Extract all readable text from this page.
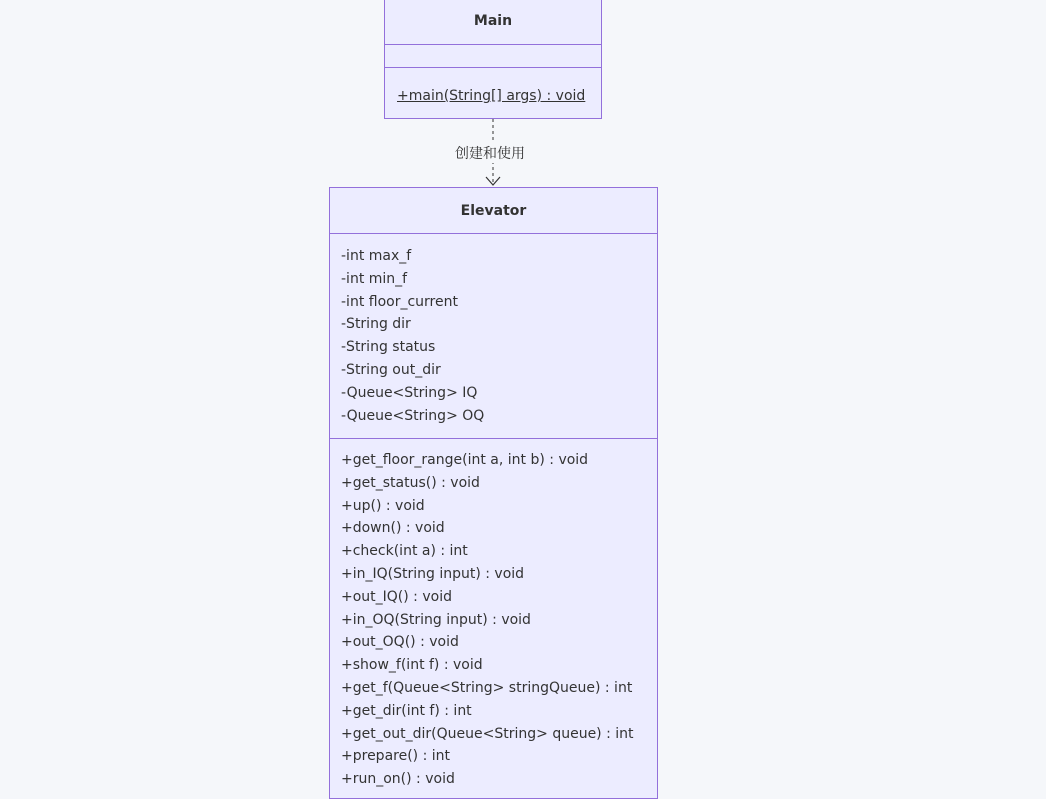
Main
+main(String[] args) : void
创建和使用
Elevator
-int max_f
-int min_f
-int floor_current
-String dir
-String status
-String out_dir
-Queue<String> IQ
-Queue<String> OQ
+get_floor_range(int a, int b) : void
+get_status() : void
+up() : void
+down() : void
+check(int a) : int
+in_IQ(String input) : void
+out_IQ() : void
+in_OQ(String input) : void
+out_OQ() : void
+show_f(int f) : void
+get_f(Queue<String> stringQueue) : int
+get_dir(int f) : int
+get_out_dir(Queue<String> queue) : int
+prepare() : int
+run_on() : void
